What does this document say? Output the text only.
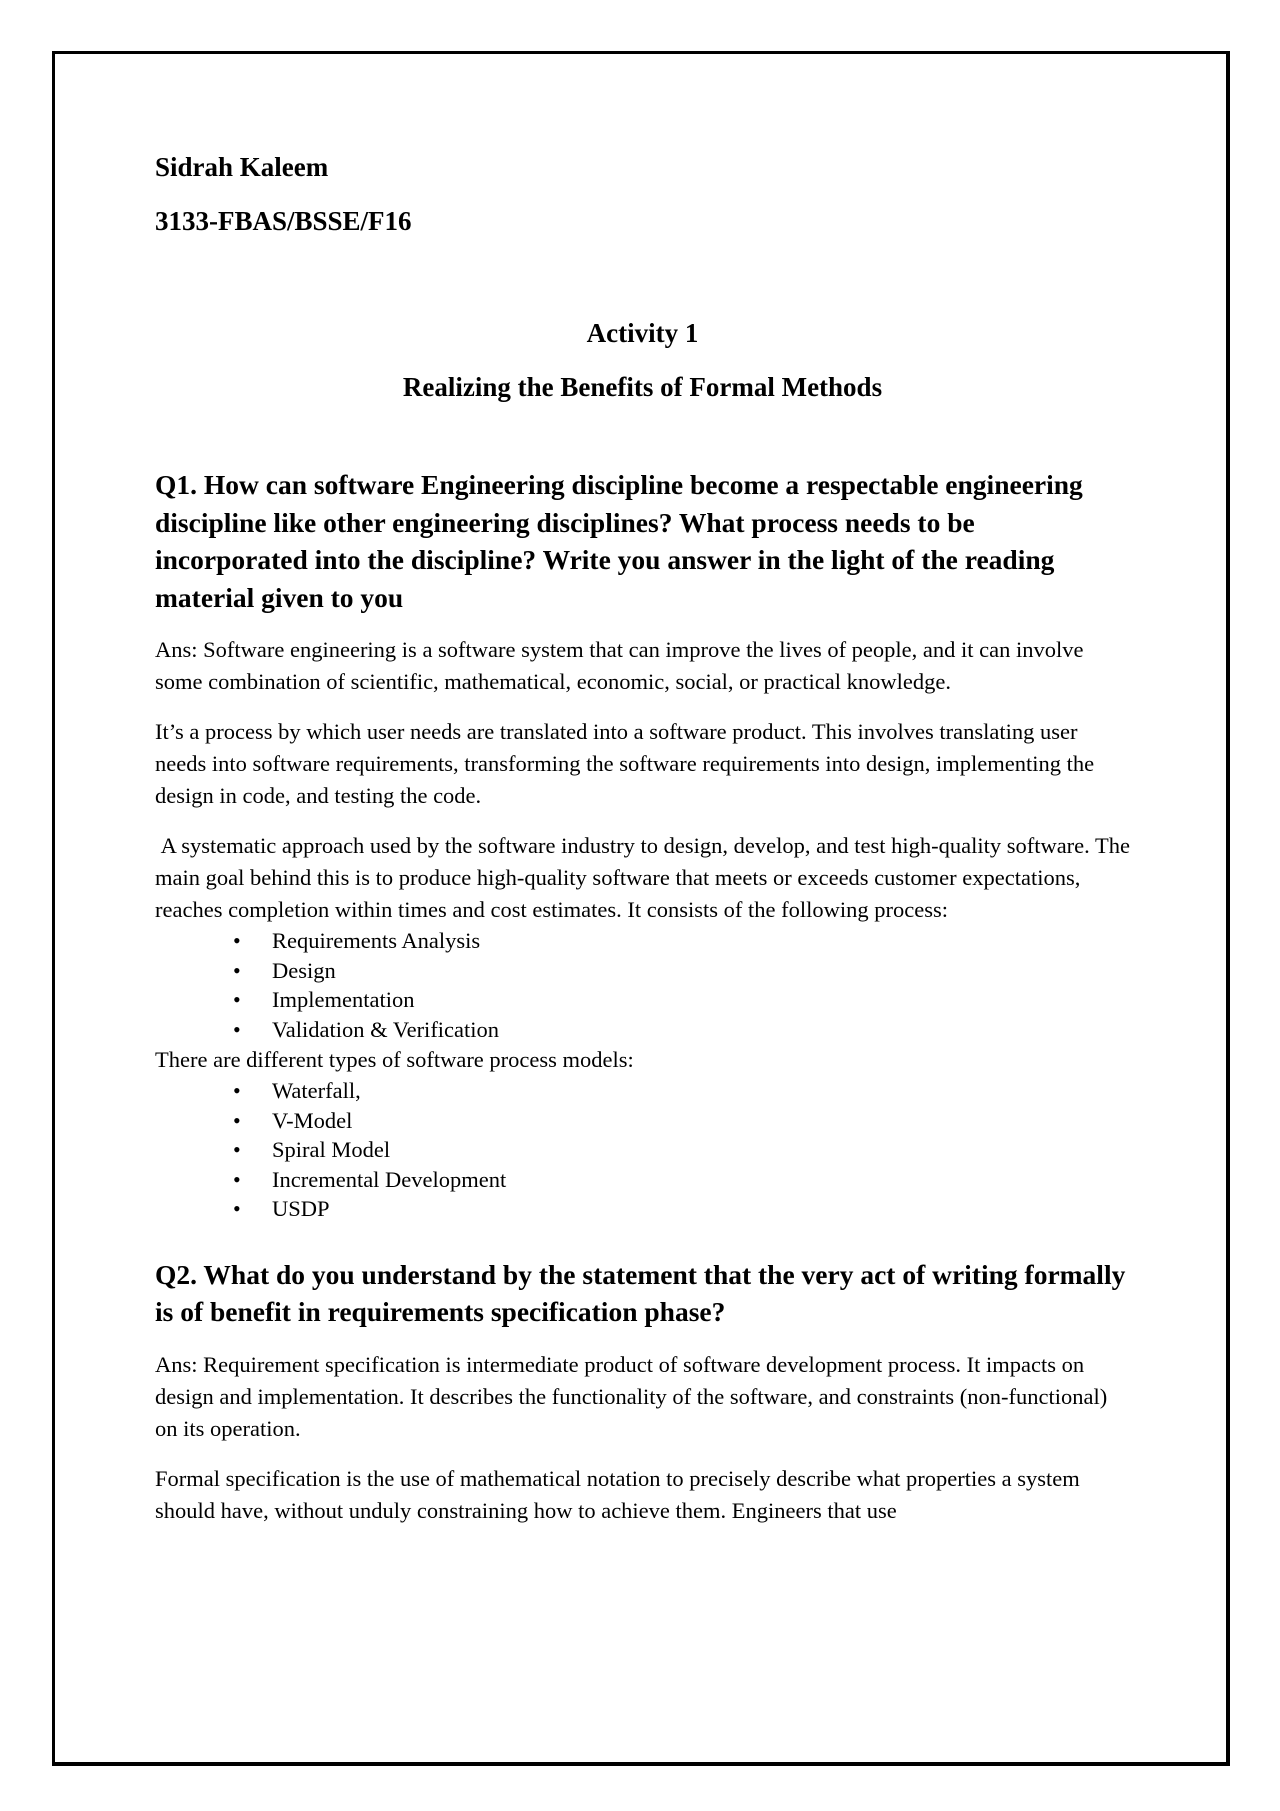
Sidrah Kaleem

3133-FBAS/BSSE/F16

Activity 1

Realizing the Benefits of Formal Methods

Q1. How can software Engineering discipline become a respectable engineering discipline like other engineering disciplines? What process needs to be incorporated into the discipline? Write you answer in the light of the reading material given to you

Ans: Software engineering is a software system that can improve the lives of people, and it can involve some combination of scientific, mathematical, economic, social, or practical knowledge.

It’s a process by which user needs are translated into a software product. This involves translating user needs into software requirements, transforming the software requirements into design, implementing the design in code, and testing the code.

A systematic approach used by the software industry to design, develop, and test high-quality software. The main goal behind this is to produce high-quality software that meets or exceeds customer expectations, reaches completion within times and cost estimates. It consists of the following process:

• Requirements Analysis
• Design
• Implementation
• Validation & Verification

There are different types of software process models:

• Waterfall,
• V-Model
• Spiral Model
• Incremental Development
• USDP

Q2. What do you understand by the statement that the very act of writing formally is of benefit in requirements specification phase?

Ans: Requirement specification is intermediate product of software development process. It impacts on design and implementation. It describes the functionality of the software, and constraints (non-functional) on its operation.

Formal specification is the use of mathematical notation to precisely describe what properties a system should have, without unduly constraining how to achieve them. Engineers that use
